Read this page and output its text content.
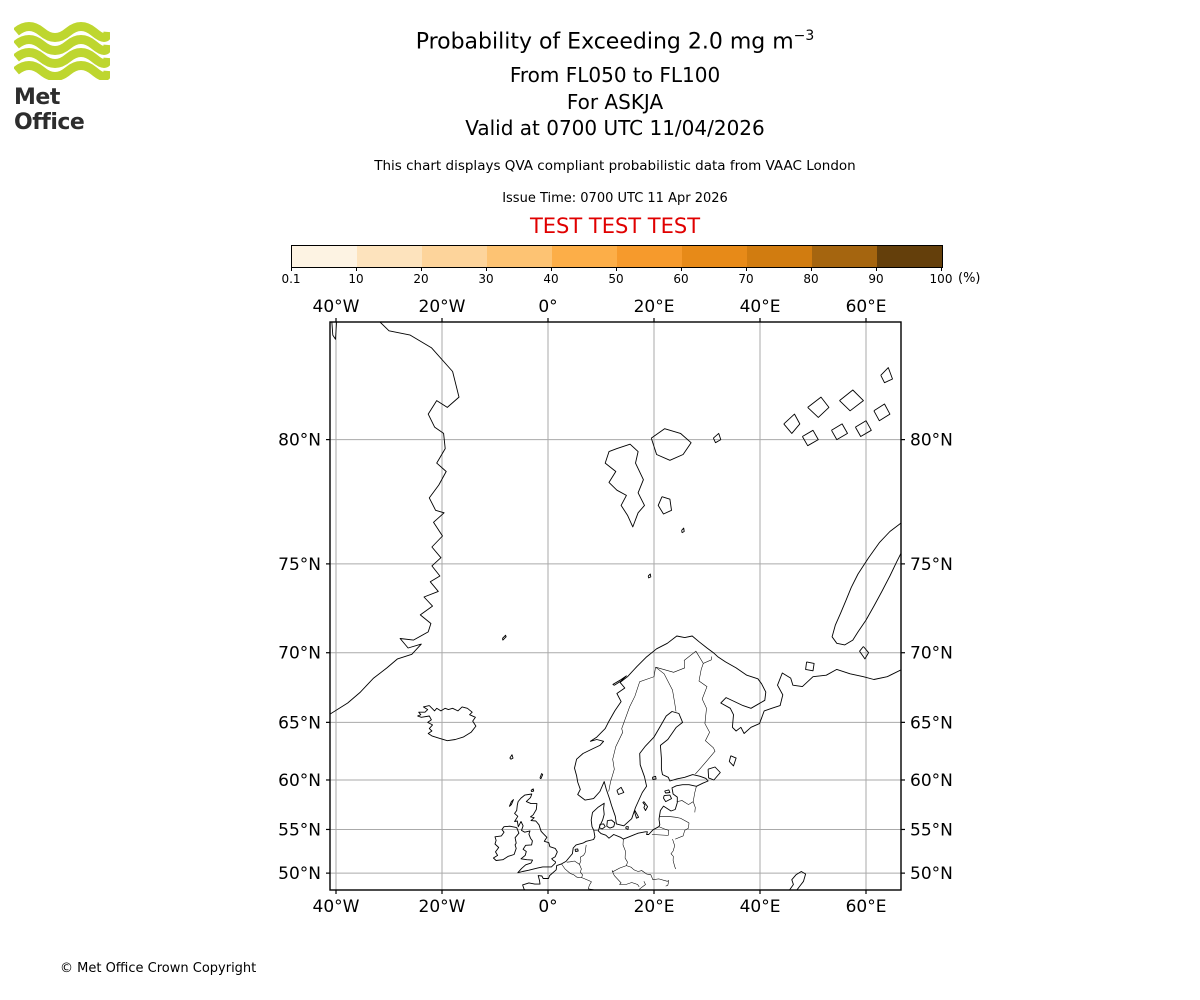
Met Office
Probability of Exceeding 2.0 mg $m^{-3}$
From FL050 to FL100
For ASKJA
Valid at 0700 UTC 11/04/2026
This chart displays QVA compliant probabilistic data from VAAC London
Issue Time: 0700 UTC 11 Apr 2026
TEST TEST TEST
0.1	10	20	30	40	50	60	70	80	90	100 (%)
40°W
40°W
20°W
20°W
0°
0°
20°E
20°E
40°E
40°E
60°E
60°E
80°N	80°N
75°N	75°N
70°N	70°N
65°N	65°N
60°N	60°N
55°N	55°N
50°N	50°N
© Met Office Crown Copyright
